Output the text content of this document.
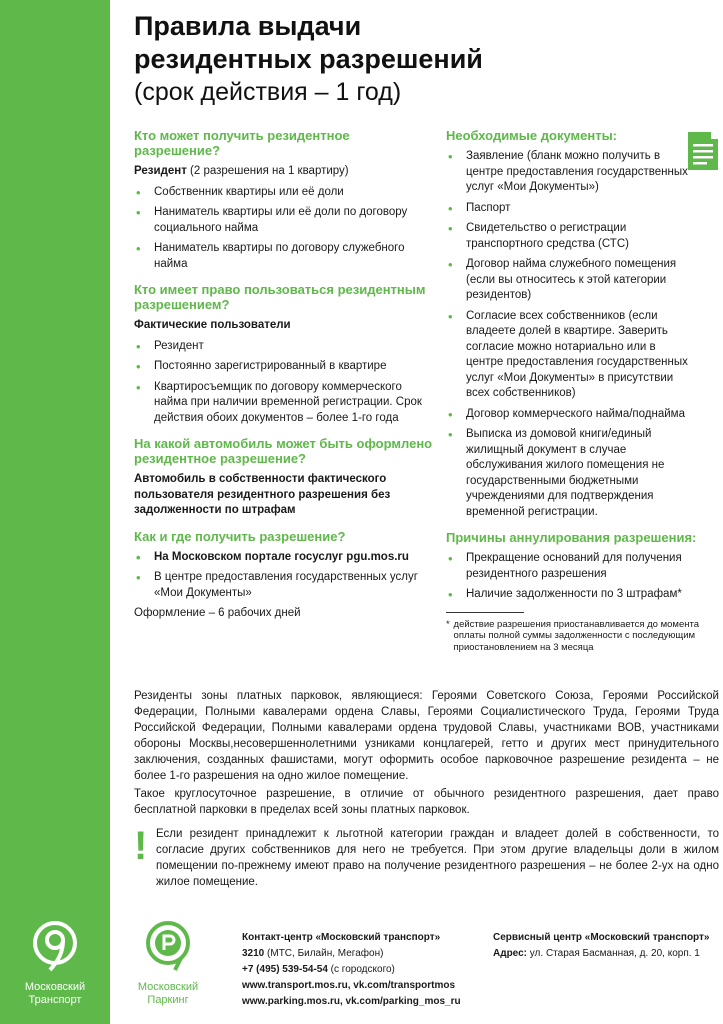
Правила выдачи
резидентных разрешений
(срок действия – 1 год)
Кто может получить резидентное разрешение?
Резидент (2 разрешения на 1 квартиру)
• Собственник квартиры или её доли
• Наниматель квартиры или её доли по договору социального найма
• Наниматель квартиры по договору служебного найма
Кто имеет право пользоваться резидентным разрешением?
Фактические пользователи
• Резидент
• Постоянно зарегистрированный в квартире
• Квартиросъемщик по договору коммерческого найма при наличии временной регистрации. Срок действия обоих документов – более 1-го года
На какой автомобиль может быть оформлено резидентное разрешение?
Автомобиль в собственности фактического пользователя резидентного разрешения без задолженности по штрафам
Как и где получить разрешение?
• На Московском портале госуслуг pgu.mos.ru
• В центре предоставления государственных услуг «Мои Документы»
Оформление – 6 рабочих дней
Необходимые документы:
• Заявление (бланк можно получить в центре предоставления государственных услуг «Мои Документы»)
• Паспорт
• Свидетельство о регистрации транспортного средства (СТС)
• Договор найма служебного помещения (если вы относитесь к этой категории резидентов)
• Согласие всех собственников (если владеете долей в квартире. Заверить согласие можно нотариально или в центре предоставления государственных услуг «Мои Документы» в присутствии всех собственников)
• Договор коммерческого найма/поднайма
• Выписка из домовой книги/единый жилищный документ в случае обслуживания жилого помещения не государственными бюджетными учреждениями для подтверждения временной регистрации.
Причины аннулирования разрешения:
• Прекращение оснований для получения резидентного разрешения
• Наличие задолженности по 3 штрафам*
* действие разрешения приостанавливается до момента оплаты полной суммы задолженности с последующим приостановлением на 3 месяца

Резиденты зоны платных парковок, являющиеся: Героями Советского Союза, Героями Российской Федерации, Полными кавалерами ордена Славы, Героями Социалистического Труда, Героями Труда Российской Федерации, Полными кавалерами ордена трудовой Славы, участниками ВОВ, участниками обороны Москвы,несовершеннолетними узниками концлагерей, гетто и других мест принудительного заключения, созданных фашистами, могут оформить особое парковочное разрешение резидента – не более 1-го разрешения на одно жилое помещение.

Такое круглосуточное разрешение, в отличие от обычного резидентного разрешения, дает право бесплатной парковки в пределах всей зоны платных парковок.

! Если резидент принадлежит к льготной категории граждан и владеет долей в собственности, то согласие других собственников для него не требуется. При этом другие владельцы доли в жилом помещении по-прежнему имеют право на получение резидентного разрешения – не более 2-ух на одно жилое помещение.
Московский
Транспорт
Московский
Паркинг
Контакт-центр «Московский транспорт»
3210 (МТС, Билайн, Мегафон)
+7 (495) 539-54-54 (с городского)
www.transport.mos.ru, vk.com/transportmos
www.parking.mos.ru, vk.com/parking_mos_ru
Сервисный центр «Московский транспорт»
Адрес: ул. Старая Басманная, д. 20, корп. 1
